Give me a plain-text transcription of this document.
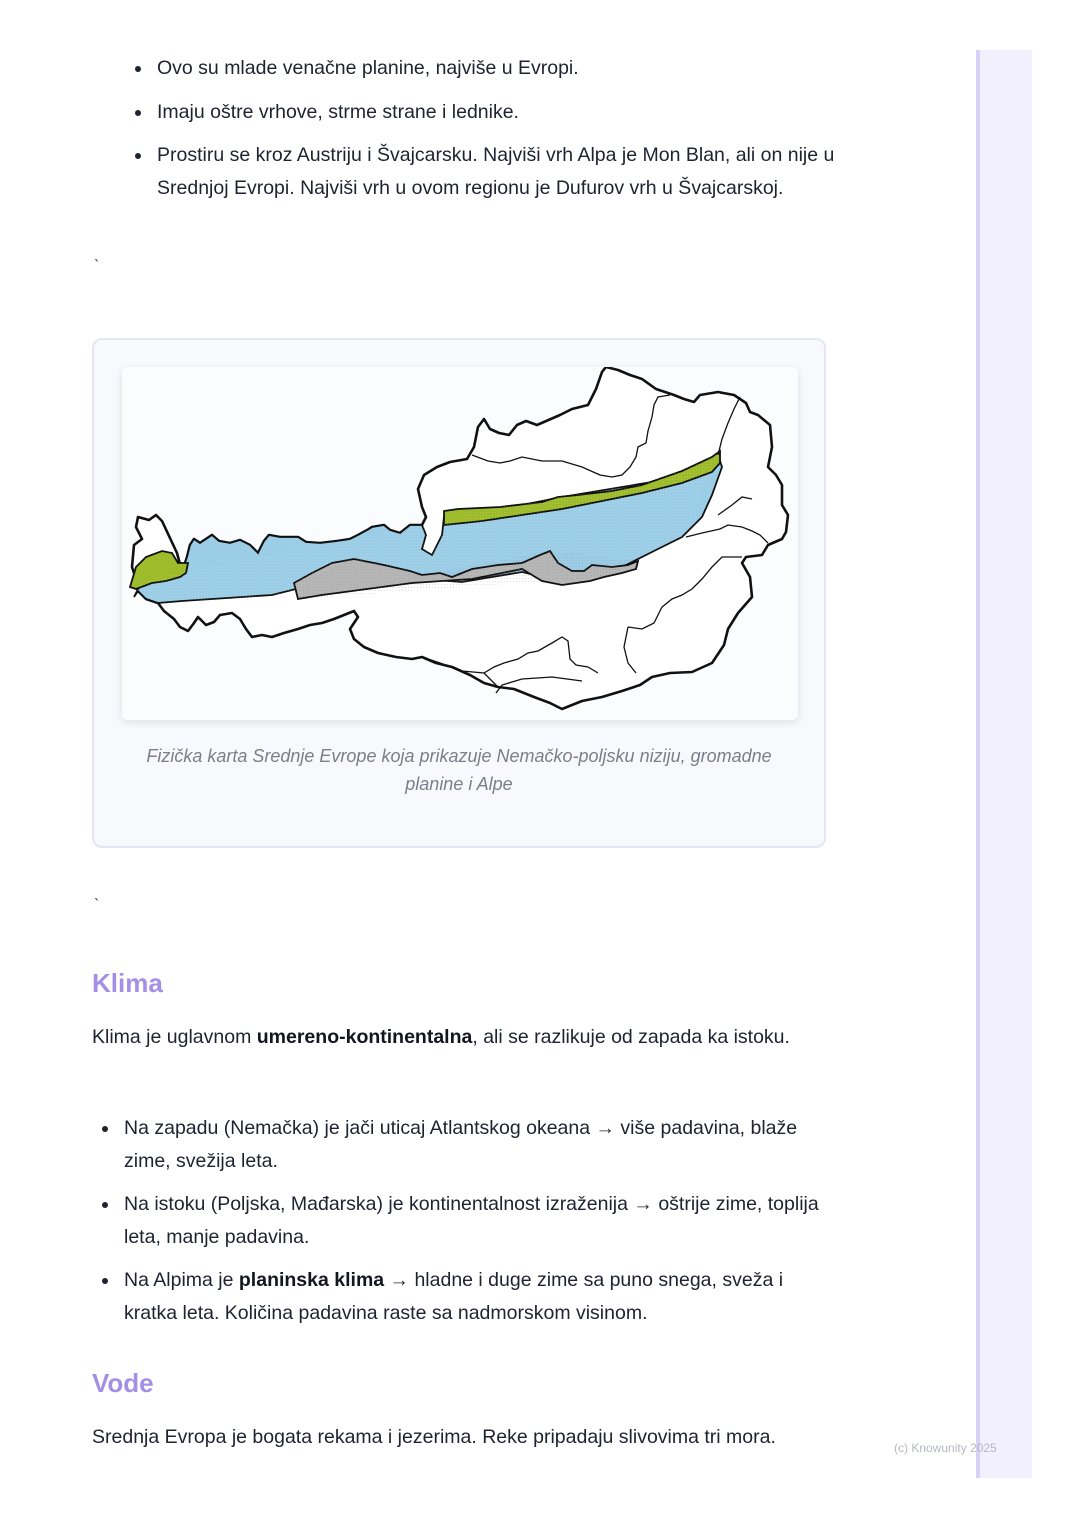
Ovo su mlade venačne planine, najviše u Evropi.
Imaju oštre vrhove, strme strane i lednike.
Prostiru se kroz Austriju i Švajcarsku. Najviši vrh Alpa je Mon Blan, ali on nije u Srednjoj Evropi. Najviši vrh u ovom regionu je Dufurov vrh u Švajcarskoj.
`
Fizička karta Srednje Evrope koja prikazuje Nemačko-poljsku niziju, gromadne planine i Alpe
`
Klima

Klima je uglavnom umereno-kontinentalna, ali se razlikuje od zapada ka istoku.

Na zapadu (Nemačka) je jači uticaj Atlantskog okeana → više padavina, blaže zime, svežija leta.
Na istoku (Poljska, Mađarska) je kontinentalnost izraženija → oštrije zime, toplija leta, manje padavina.
Na Alpima je planinska klima → hladne i duge zime sa puno snega, sveža i kratka leta. Količina padavina raste sa nadmorskom visinom.
Vode

Srednja Evropa je bogata rekama i jezerima. Reke pripadaju slivovima tri mora.	(c) Knowunity 2025
